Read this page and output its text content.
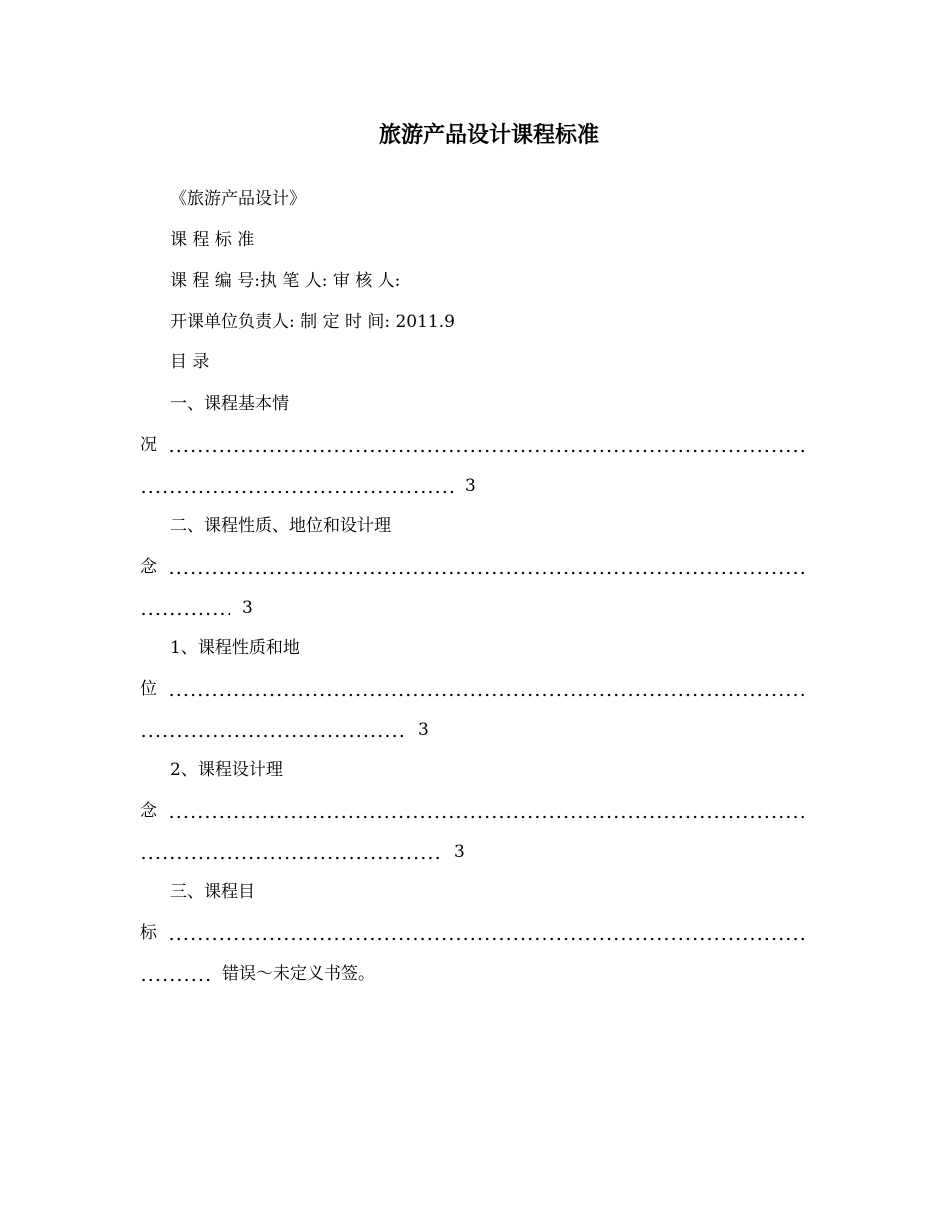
旅游产品设计课程标准
《旅游产品设计》
课 程 标 准
课 程 编 号:执 笔 人: 审 核 人:
开课单位负责人: 制 定 时 间: 2011.9
目 录
一、课程基本情
况
3
二、课程性质、地位和设计理
念
3
1、课程性质和地
位
3
2、课程设计理
念
3
三、课程目
标
错误～未定义书签。
